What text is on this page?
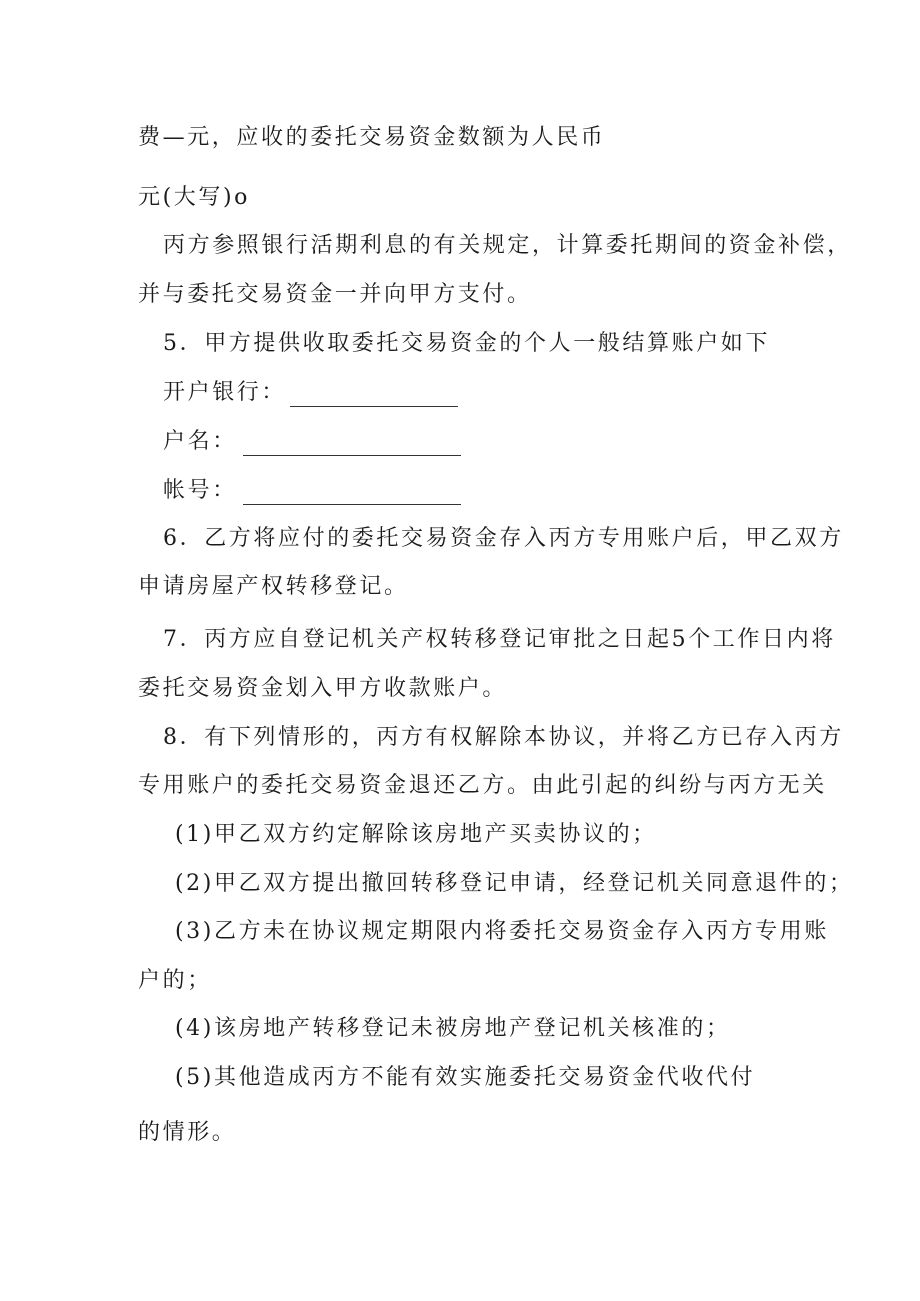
费—元，应收的委托交易资金数额为人民币

元(大写)o

丙方参照银行活期利息的有关规定，计算委托期间的资金补偿，

并与委托交易资金一并向甲方支付。

5．甲方提供收取委托交易资金的个人一般结算账户如下

开户银行：
户名：
帐号：

6．乙方将应付的委托交易资金存入丙方专用账户后，甲乙双方

申请房屋产权转移登记。

7．丙方应自登记机关产权转移登记审批之日起5个工作日内将

委托交易资金划入甲方收款账户。

8．有下列情形的，丙方有权解除本协议，并将乙方已存入丙方

专用账户的委托交易资金退还乙方。由此引起的纠纷与丙方无关

(1)甲乙双方约定解除该房地产买卖协议的；

(2)甲乙双方提出撤回转移登记申请，经登记机关同意退件的；

(3)乙方未在协议规定期限内将委托交易资金存入丙方专用账

户的；

(4)该房地产转移登记未被房地产登记机关核准的；

(5)其他造成丙方不能有效实施委托交易资金代收代付

的情形。
